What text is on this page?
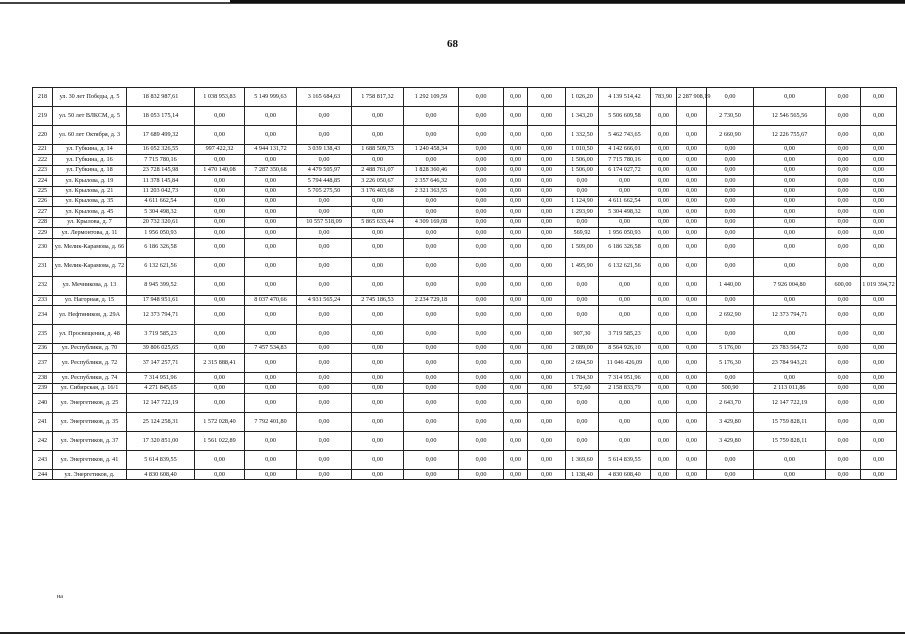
68
218	ул. 30 лет Победы, д. 5	18 832 987,61	1 038 953,83	5 149 999,63	3 165 684,63	1 758 817,32	1 292 109,59	0,00	0,00	0,00	1 026,20	4 139 514,42	783,90	2 287 908,19	0,00	0,00	0,00	0,00
219	ул. 50 лет ВЛКСМ, д. 5	18 053 175,14	0,00	0,00	0,00	0,00	0,00	0,00	0,00	0,00	1 343,20	5 506 609,58	0,00	0,00	2 730,50	12 546 565,56	0,00	0,00
220	ул. 60 лет Октября, д. 3	17 689 499,32	0,00	0,00	0,00	0,00	0,00	0,00	0,00	0,00	1 332,50	5 462 743,65	0,00	0,00	2 660,90	12 226 755,67	0,00	0,00
221	ул. Губкина, д. 14	16 052 326,55	997 422,32	4 944 131,72	3 039 138,43	1 688 509,73	1 240 458,34	0,00	0,00	0,00	1 010,50	4 142 666,01	0,00	0,00	0,00	0,00	0,00	0,00
222	ул. Губкина, д. 16	7 715 780,16	0,00	0,00	0,00	0,00	0,00	0,00	0,00	0,00	1 506,00	7 715 780,16	0,00	0,00	0,00	0,00	0,00	0,00
223	ул. Губкина, д. 18	23 728 145,98	1 470 140,08	7 287 350,68	4 479 505,97	2 488 761,07	1 828 360,46	0,00	0,00	0,00	1 506,00	6 174 027,72	0,00	0,00	0,00	0,00	0,00	0,00
224	ул. Крылова, д. 19	11 378 145,84	0,00	0,00	5 794 448,85	3 226 050,67	2 357 646,32	0,00	0,00	0,00	0,00	0,00	0,00	0,00	0,00	0,00	0,00	0,00
225	ул. Крылова, д. 21	11 203 042,73	0,00	0,00	5 705 275,50	3 176 403,68	2 321 363,55	0,00	0,00	0,00	0,00	0,00	0,00	0,00	0,00	0,00	0,00	0,00
226	ул. Крылова, д. 35	4 611 662,54	0,00	0,00	0,00	0,00	0,00	0,00	0,00	0,00	1 124,90	4 611 662,54	0,00	0,00	0,00	0,00	0,00	0,00
227	ул. Крылова, д. 45	5 304 498,32	0,00	0,00	0,00	0,00	0,00	0,00	0,00	0,00	1 293,90	5 304 498,32	0,00	0,00	0,00	0,00	0,00	0,00
228	ул. Крылова, д. 7	20 732 320,61	0,00	0,00	10 557 518,09	5 865 633,44	4 309 169,08	0,00	0,00	0,00	0,00	0,00	0,00	0,00	0,00	0,00	0,00	0,00
229	ул. Лермонтова, д. 11	1 956 050,93	0,00	0,00	0,00	0,00	0,00	0,00	0,00	0,00	569,92	1 956 050,93	0,00	0,00	0,00	0,00	0,00	0,00
230	ул. Мелик-Карамова, д. 66	6 186 326,58	0,00	0,00	0,00	0,00	0,00	0,00	0,00	0,00	1 509,00	6 186 326,58	0,00	0,00	0,00	0,00	0,00	0,00
231	ул. Мелик-Карамова, д. 72	6 132 621,56	0,00	0,00	0,00	0,00	0,00	0,00	0,00	0,00	1 495,90	6 132 621,56	0,00	0,00	0,00	0,00	0,00	0,00
232	ул. Мечникова, д. 13	8 945 399,52	0,00	0,00	0,00	0,00	0,00	0,00	0,00	0,00	0,00	0,00	0,00	0,00	1 440,00	7 926 004,80	600,00	1 019 394,72
233	ул. Нагорная, д. 15	17 948 951,61	0,00	8 037 470,66	4 931 565,24	2 745 186,53	2 234 729,18	0,00	0,00	0,00	0,00	0,00	0,00	0,00	0,00	0,00	0,00	0,00
234	ул. Нефтяников, д. 29А	12 373 794,71	0,00	0,00	0,00	0,00	0,00	0,00	0,00	0,00	0,00	0,00	0,00	0,00	2 692,90	12 373 794,71	0,00	0,00
235	ул. Просвещения, д. 48	3 719 585,23	0,00	0,00	0,00	0,00	0,00	0,00	0,00	0,00	907,30	3 719 585,23	0,00	0,00	0,00	0,00	0,00	0,00
236	ул. Республики, д. 70	39 806 025,65	0,00	7 457 534,83	0,00	0,00	0,00	0,00	0,00	0,00	2 089,00	8 564 926,10	0,00	0,00	5 176,00	23 783 564,72	0,00	0,00
237	ул. Республики, д. 72	37 147 257,71	2 315 888,41	0,00	0,00	0,00	0,00	0,00	0,00	0,00	2 694,50	11 046 426,09	0,00	0,00	5 176,30	23 784 943,21	0,00	0,00
238	ул. Республики, д. 74	7 314 951,96	0,00	0,00	0,00	0,00	0,00	0,00	0,00	0,00	1 784,30	7 314 951,96	0,00	0,00	0,00	0,00	0,00	0,00
239	ул. Сибирская, д. 16/1	4 271 845,65	0,00	0,00	0,00	0,00	0,00	0,00	0,00	0,00	572,60	2 158 833,79	0,00	0,00	500,90	2 113 011,86	0,00	0,00
240	ул. Энергетиков, д. 25	12 147 722,19	0,00	0,00	0,00	0,00	0,00	0,00	0,00	0,00	0,00	0,00	0,00	0,00	2 643,70	12 147 722,19	0,00	0,00
241	ул. Энергетиков, д. 35	25 124 258,31	1 572 028,40	7 792 401,80	0,00	0,00	0,00	0,00	0,00	0,00	0,00	0,00	0,00	0,00	3 429,80	15 759 828,11	0,00	0,00
242	ул. Энергетиков, д. 37	17 320 851,00	1 561 022,89	0,00	0,00	0,00	0,00	0,00	0,00	0,00	0,00	0,00	0,00	0,00	3 429,80	15 759 828,11	0,00	0,00
243	ул. Энергетиков, д. 41	5 614 839,55	0,00	0,00	0,00	0,00	0,00	0,00	0,00	0,00	1 369,60	5 614 839,55	0,00	0,00	0,00	0,00	0,00	0,00
244	ул. Энергетиков, д.	4 830 608,40	0,00	0,00	0,00	0,00	0,00	0,00	0,00	0,00	1 138,40	4 830 608,40	0,00	0,00	0,00	0,00	0,00	0,00
на
